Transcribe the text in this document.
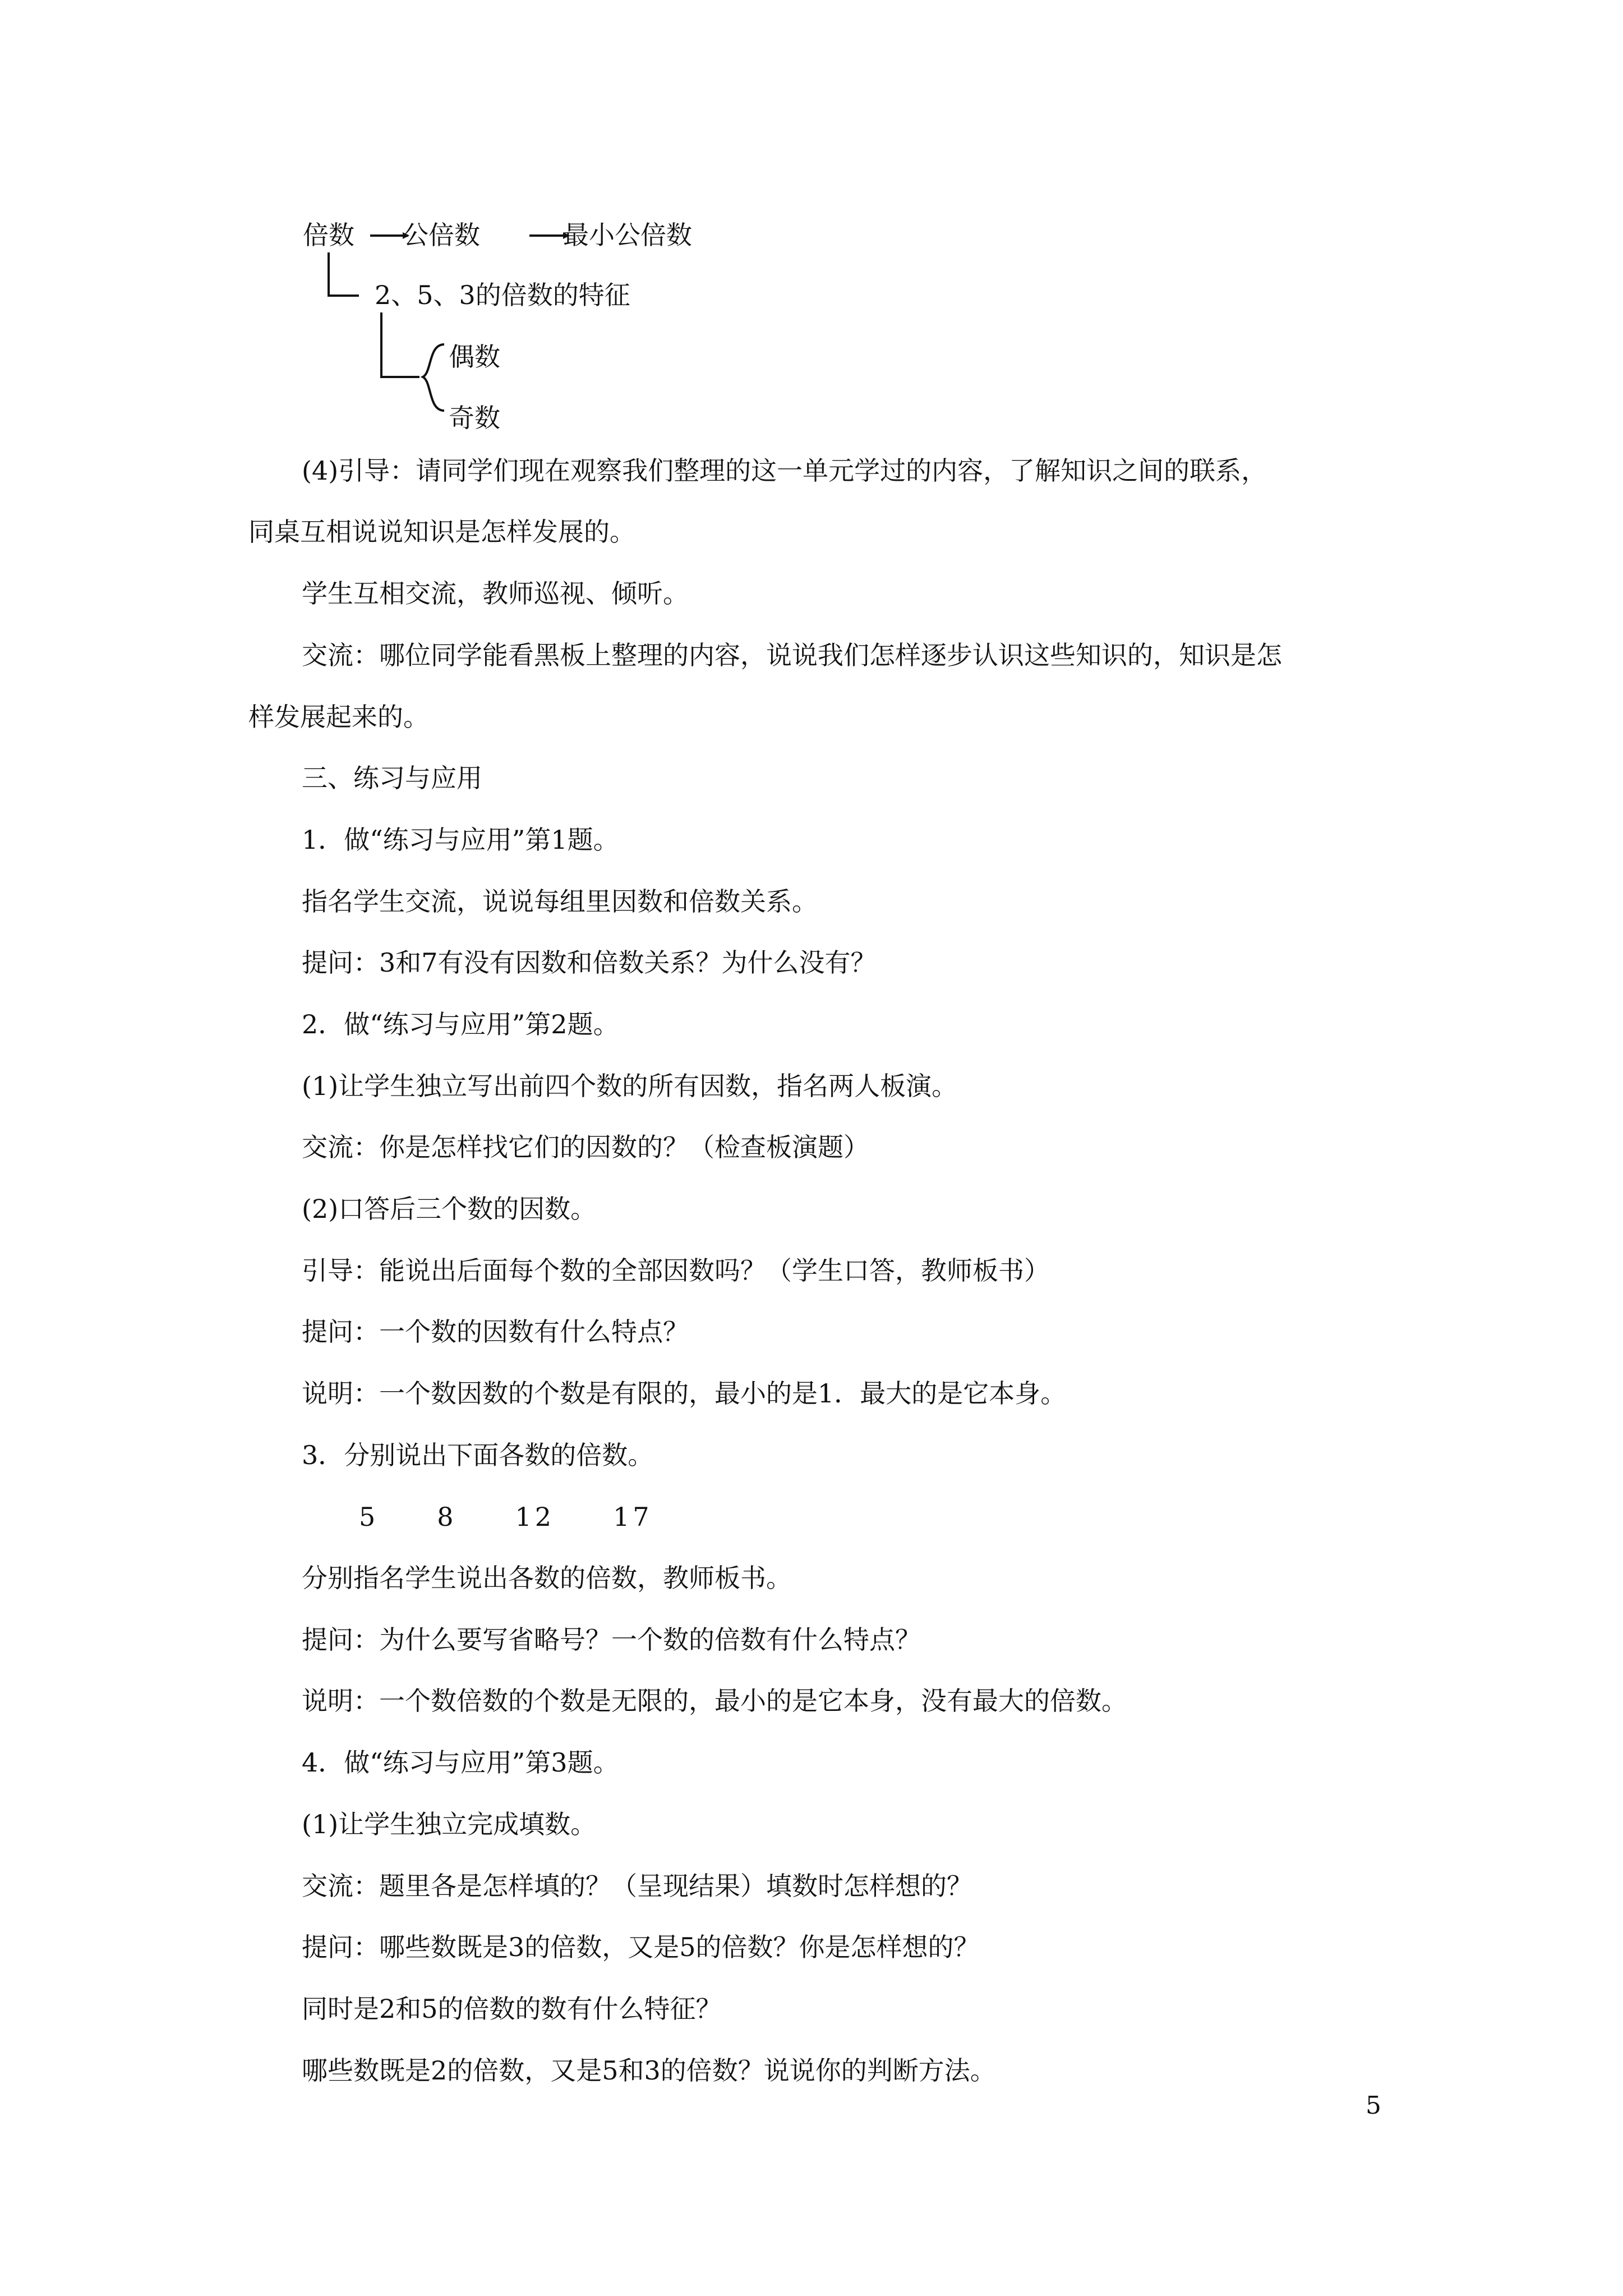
倍数 公倍数	最小公倍数
2、5、3的倍数的特征
偶数
奇数
(4)引导：请同学们现在观察我们整理的这一单元学过的内容，了解知识之间的联系，
同桌互相说说知识是怎样发展的。
学生互相交流，教师巡视、倾听。
交流：哪位同学能看黑板上整理的内容，说说我们怎样逐步认识这些知识的，知识是怎
样发展起来的。
三、练习与应用
1．做“练习与应用”第1题。
指名学生交流，说说每组里因数和倍数关系。
提问：3和7有没有因数和倍数关系？为什么没有？
2．做“练习与应用”第2题。
(1)让学生独立写出前四个数的所有因数，指名两人板演。
交流：你是怎样找它们的因数的？（检查板演题）
(2)口答后三个数的因数。
引导：能说出后面每个数的全部因数吗？（学生口答，教师板书）
提问：一个数的因数有什么特点？
说明：一个数因数的个数是有限的，最小的是1．最大的是它本身。
3．分别说出下面各数的倍数。
5　　8　　12　　17
分别指名学生说出各数的倍数，教师板书。
提问：为什么要写省略号？一个数的倍数有什么特点？
说明：一个数倍数的个数是无限的，最小的是它本身，没有最大的倍数。
4．做“练习与应用”第3题。
(1)让学生独立完成填数。
交流：题里各是怎样填的？（呈现结果）填数时怎样想的？
提问：哪些数既是3的倍数，又是5的倍数？你是怎样想的？
同时是2和5的倍数的数有什么特征？
哪些数既是2的倍数，又是5和3的倍数？说说你的判断方法。
5
